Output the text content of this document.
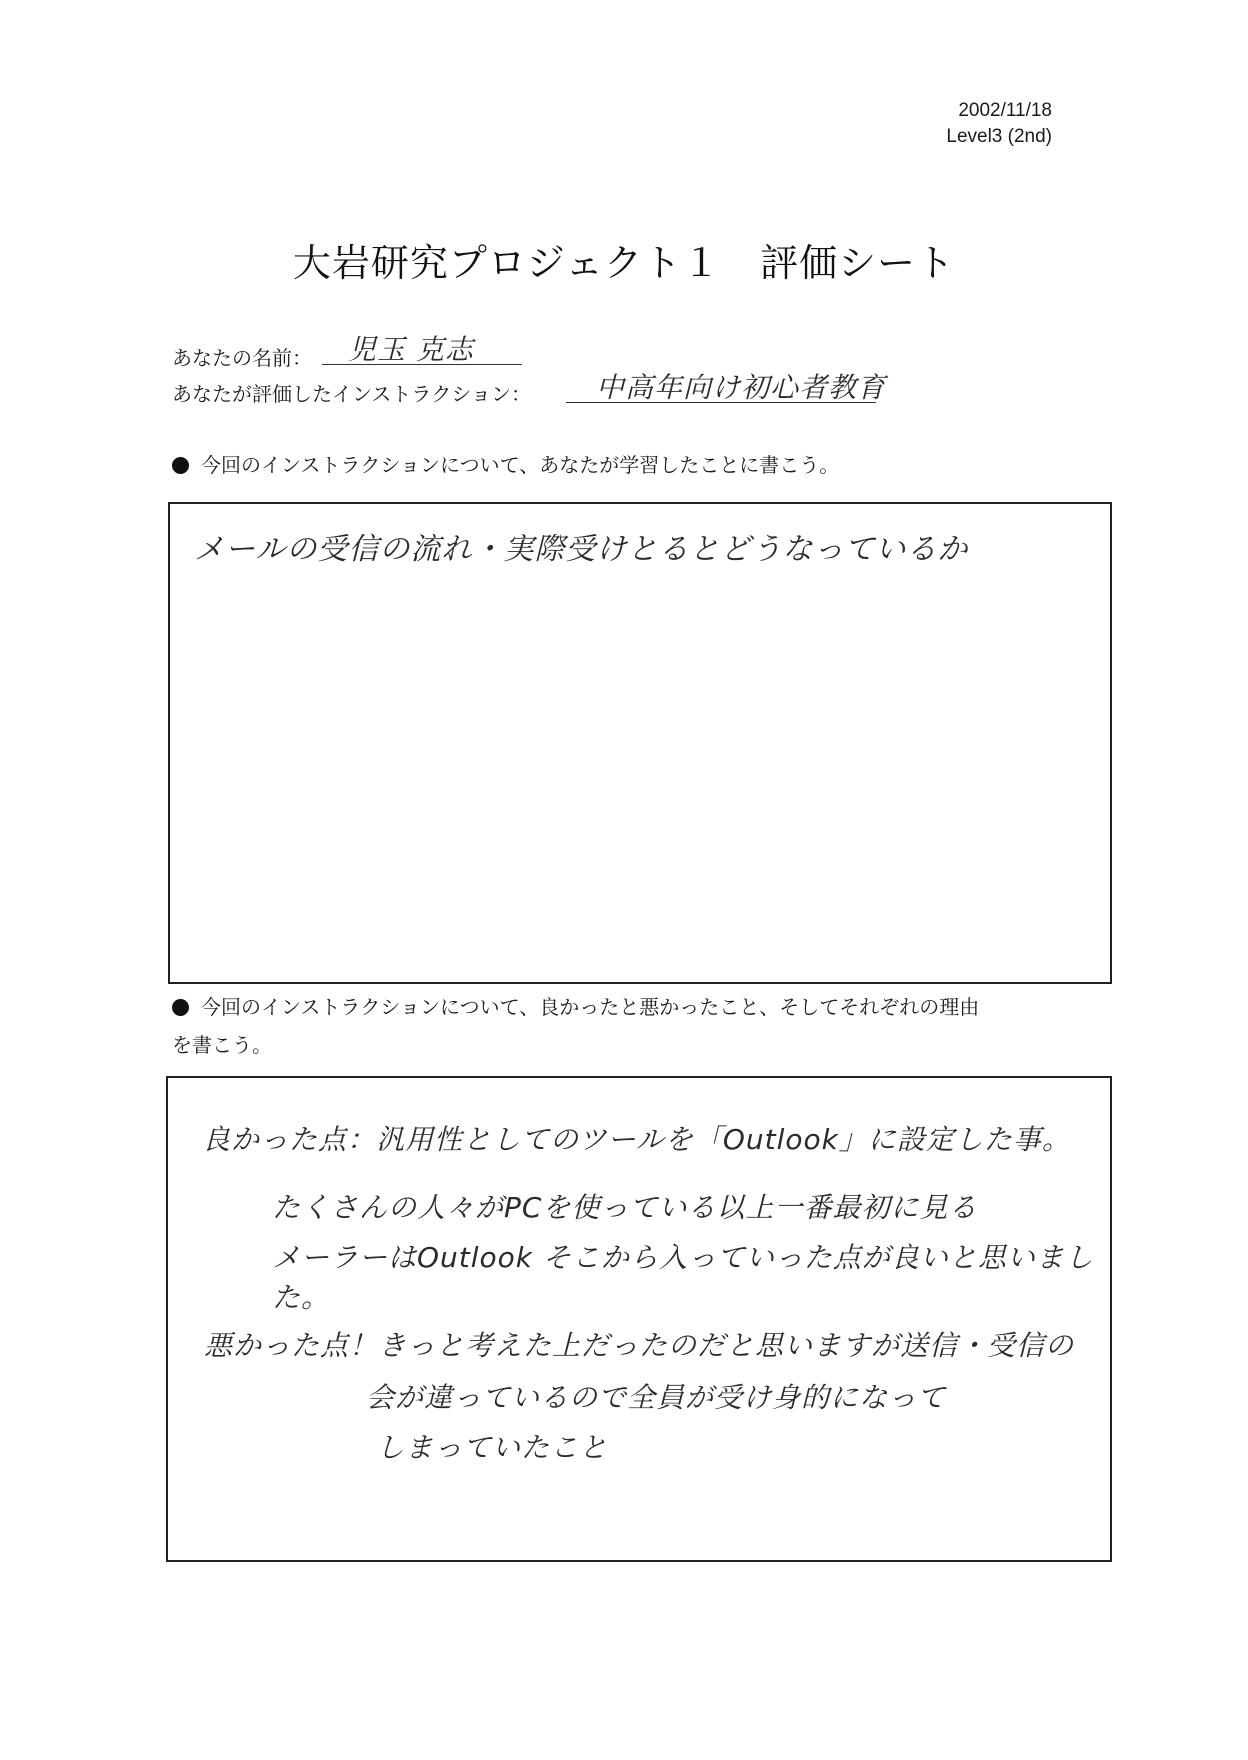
2002/11/18
Level3 (2nd)
大岩研究プロジェクト１　評価シート
あなたの名前： 児玉 克志
あなたが評価したインストラクション： 中高年向け初心者教育
今回のインストラクションについて、あなたが学習したことに書こう。
メールの受信の流れ・実際受けとるとどうなっているか
今回のインストラクションについて、良かったと悪かったこと、そしてそれぞれの理由
を書こう。
良かった点：汎用性としてのツールを「Outlook」に設定した事。
たくさんの人々がPCを使っている以上一番最初に見る
メーラーはOutlook そこから入っていった点が良いと思いました。
悪かった点！きっと考えた上だったのだと思いますが送信・受信の
会が違っているので全員が受け身的になって
しまっていたこと
